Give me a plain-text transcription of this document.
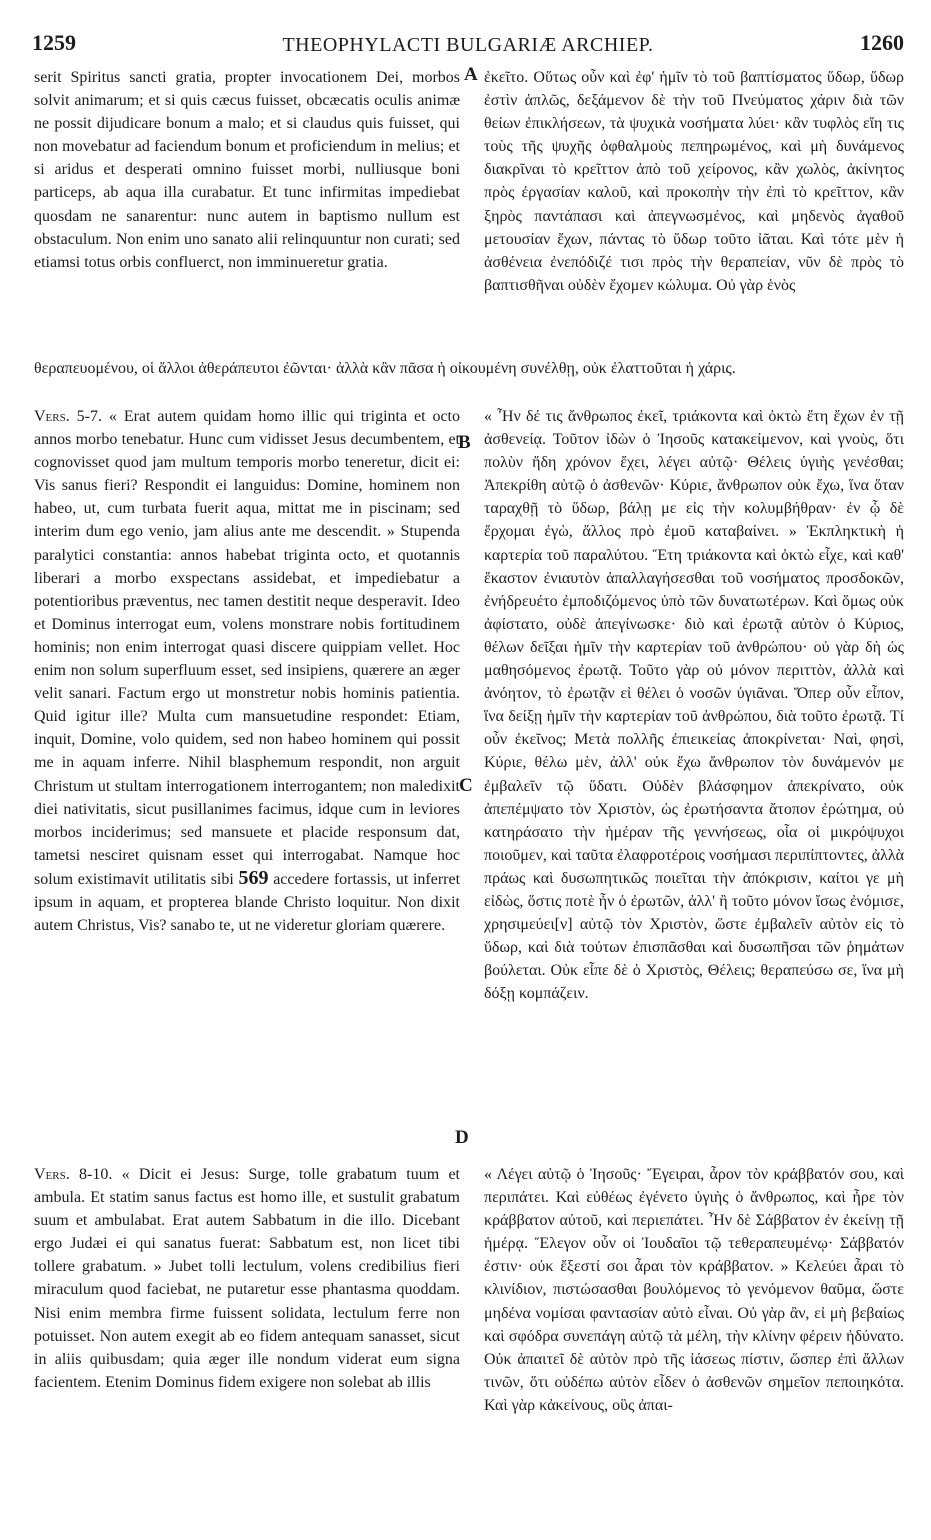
1259	THEOPHYLACTI BULGARIÆ ARCHIEP.	1260
A
B
C
D
serit Spiritus sancti gratia, propter invocationem Dei, morbos solvit animarum; et si quis cæcus fuisset, obcæcatis oculis animæ ne possit dijudicare bonum a malo; et si claudus quis fuisset, qui non movebatur ad faciendum bonum et proficiendum in melius; et si aridus et desperati omnino fuisset morbi, nulliusque boni particeps, ab aqua illa curabatur. Et tunc infirmitas impediebat quosdam ne sanarentur: nunc autem in baptismo nullum est obstaculum. Non enim uno sanato alii relinquuntur non curati; sed etiamsi totus orbis confluerct, non imminueretur gratia.
ἐκεῖτο. Οὕτως οὖν καὶ ἐφ' ἡμῖν τὸ τοῦ βαπτίσματος ὕδωρ, ὕδωρ ἐστὶν ἁπλῶς, δεξάμενον δὲ τὴν τοῦ Πνεύματος χάριν διὰ τῶν θείων ἐπικλήσεων, τὰ ψυχικὰ νοσήματα λύει· κἂν τυφλὸς εἴη τις τοὺς τῆς ψυχῆς ὀφθαλμοὺς πεπηρωμένος, καὶ μὴ δυνάμενος διακρῖναι τὸ κρεῖττον ἀπὸ τοῦ χείρονος, κἂν χωλὸς, ἀκίνητος πρὸς ἐργασίαν καλοῦ, καὶ προκοπὴν τὴν ἐπὶ τὸ κρεῖττον, κἂν ξηρὸς παντάπασι καὶ ἀπεγνωσμένος, καὶ μηδενὸς ἀγαθοῦ μετουσίαν ἔχων, πάντας τὸ ὕδωρ τοῦτο ἰᾶται. Καὶ τότε μὲν ἡ ἀσθένεια ἐνεπόδιζέ τισι πρὸς τὴν θεραπείαν, νῦν δὲ πρὸς τὸ βαπτισθῆναι οὐδὲν ἔχομεν κώλυμα. Οὐ γὰρ ἑνὸς
θεραπευομένου, οἱ ἄλλοι ἀθεράπευτοι ἐῶνται· ἀλλὰ κἂν πᾶσα ἡ οἰκουμένη συνέλθῃ, οὐκ ἐλαττοῦται ἡ χάρις.

Vers. 5-7. « Erat autem quidam homo illic qui triginta et octo annos morbo tenebatur. Hunc cum vidisset Jesus decumbentem, et cognovisset quod jam multum temporis morbo teneretur, dicit ei: Vis sanus fieri? Respondit ei languidus: Domine, hominem non habeo, ut, cum turbata fuerit aqua, mittat me in piscinam; sed interim dum ego venio, jam alius ante me descendit. » Stupenda paralytici constantia: annos habebat triginta octo, et quotannis liberari a morbo exspectans assidebat, et impediebatur a potentioribus præventus, nec tamen destitit neque desperavit. Ideo et Dominus interrogat eum, volens monstrare nobis fortitudinem hominis; non enim interrogat quasi discere quippiam vellet. Hoc enim non solum superfluum esset, sed insipiens, quærere an æger velit sanari. Factum ergo ut monstretur nobis hominis patientia. Quid igitur ille? Multa cum mansuetudine respondet: Etiam, inquit, Domine, volo quidem, sed non habeo hominem qui possit me in aquam inferre. Nihil blasphemum respondit, non arguit Christum ut stultam interrogationem interrogantem; non maledixit diei nativitatis, sicut pusillanimes facimus, idque cum in leviores morbos inciderimus; sed mansuete et placide responsum dat, tametsi nesciret quisnam esset qui interrogabat. Namque hoc solum existimavit utilitatis sibi 569 accedere fortassis, ut inferret ipsum in aquam, et propterea blande Christo loquitur. Non dixit autem Christus, Vis? sanabo te, ut ne videretur gloriam quærere.

« Ἦν δέ τις ἄνθρωπος ἐκεῖ, τριάκοντα καὶ ὀκτὼ ἔτη ἔχων ἐν τῇ ἀσθενείᾳ. Τοῦτον ἰδὼν ὁ Ἰησοῦς κατακείμενον, καὶ γνοὺς, ὅτι πολὺν ἤδη χρόνον ἔχει, λέγει αὐτῷ· Θέλεις ὑγιὴς γενέσθαι; Ἀπεκρίθη αὐτῷ ὁ ἀσθενῶν· Κύριε, ἄνθρωπον οὐκ ἔχω, ἵνα ὅταν ταραχθῇ τὸ ὕδωρ, βάλῃ με εἰς τὴν κολυμβήθραν· ἐν ᾧ δὲ ἔρχομαι ἐγὼ, ἄλλος πρὸ ἐμοῦ καταβαίνει. » Ἐκπληκτικὴ ἡ καρτερία τοῦ παραλύτου. Ἔτη τριάκοντα καὶ ὀκτὼ εἶχε, καὶ καθ' ἕκαστον ἐνιαυτὸν ἀπαλλαγήσεσθαι τοῦ νοσήματος προσδοκῶν, ἐνήδρευέτο ἐμποδιζόμενος ὑπὸ τῶν δυνατωτέρων. Καὶ ὅμως οὐκ ἀφίστατο, οὐδὲ ἀπεγίνωσκε· διὸ καὶ ἐρωτᾷ αὐτὸν ὁ Κύριος, θέλων δεῖξαι ἡμῖν τὴν καρτερίαν τοῦ ἀνθρώπου· οὐ γὰρ δὴ ὡς μαθησόμενος ἐρωτᾷ. Τοῦτο γὰρ οὐ μόνον περιττὸν, ἀλλὰ καὶ ἀνόητον, τὸ ἐρωτᾷν εἰ θέλει ὁ νοσῶν ὑγιᾶναι. Ὅπερ οὖν εἶπον, ἵνα δείξῃ ἡμῖν τὴν καρτερίαν τοῦ ἀνθρώπου, διὰ τοῦτο ἐρωτᾷ. Τί οὖν ἐκεῖνος; Μετὰ πολλῆς ἐπιεικείας ἀποκρίνεται· Ναὶ, φησὶ, Κύριε, θέλω μὲν, ἀλλ' οὐκ ἔχω ἄνθρωπον τὸν δυνάμενόν με ἐμβαλεῖν τῷ ὕδατι. Οὐδὲν βλάσφημον ἀπεκρίνατο, οὐκ ἀπεπέμψατο τὸν Χριστὸν, ὡς ἐρωτήσαντα ἄτοπον ἐρώτημα, οὐ κατηράσατο τὴν ἡμέραν τῆς γεννήσεως, οἷα οἱ μικρόψυχοι ποιοῦμεν, καὶ ταῦτα ἐλαφροτέροις νοσήμασι περιπίπτοντες, ἀλλὰ πράως καὶ δυσωπητικῶς ποιεῖται τὴν ἀπόκρισιν, καίτοι γε μὴ εἰδὼς, ὅστις ποτὲ ἦν ὁ ἐρωτῶν, ἀλλ' ἢ τοῦτο μόνον ἴσως ἐνόμισε, χρησιμεύει[ν] αὐτῷ τὸν Χριστὸν, ὥστε ἐμβαλεῖν αὐτὸν εἰς τὸ ὕδωρ, καὶ διὰ τούτων ἐπισπᾶσθαι καὶ δυσωπῆσαι τῶν ῥημάτων βούλεται. Οὐκ εἶπε δὲ ὁ Χριστὸς, Θέλεις; θεραπεύσω σε, ἵνα μὴ δόξῃ κομπάζειν.

Vers. 8-10. « Dicit ei Jesus: Surge, tolle grabatum tuum et ambula. Et statim sanus factus est homo ille, et sustulit grabatum suum et ambulabat. Erat autem Sabbatum in die illo. Dicebant ergo Judæi ei qui sanatus fuerat: Sabbatum est, non licet tibi tollere grabatum. » Jubet tolli lectulum, volens credibilius fieri miraculum quod faciebat, ne putaretur esse phantasma quoddam. Nisi enim membra firme fuissent solidata, lectulum ferre non potuisset. Non autem exegit ab eo fidem antequam sanasset, sicut in aliis quibusdam; quia æger ille nondum viderat eum signa facientem. Etenim Dominus fidem exigere non solebat ab illis

« Λέγει αὐτῷ ὁ Ἰησοῦς· Ἔγειραι, ἆρον τὸν κράββατόν σου, καὶ περιπάτει. Καὶ εὐθέως ἐγένετο ὑγιὴς ὁ ἄνθρωπος, καὶ ἦρε τὸν κράββατον αὐτοῦ, καὶ περιεπάτει. Ἦν δὲ Σάββατον ἐν ἐκείνῃ τῇ ἡμέρᾳ. Ἔλεγον οὖν οἱ Ἰουδαῖοι τῷ τεθεραπευμένῳ· Σάββατόν ἐστιν· οὐκ ἔξεστί σοι ἆραι τὸν κράββατον. » Κελεύει ἆραι τὸ κλινίδιον, πιστώσασθαι βουλόμενος τὸ γενόμενον θαῦμα, ὥστε μηδένα νομίσαι φαντασίαν αὐτὸ εἶναι. Οὐ γὰρ ἂν, εἰ μὴ βεβαίως καὶ σφόδρα συνεπάγη αὐτῷ τὰ μέλη, τὴν κλίνην φέρειν ἠδύνατο. Οὐκ ἀπαιτεῖ δὲ αὐτὸν πρὸ τῆς ἰάσεως πίστιν, ὥσπερ ἐπὶ ἄλλων τινῶν, ὅτι οὐδέπω αὐτὸν εἶδεν ὁ ἀσθενῶν σημεῖον πεποιηκότα. Καὶ γὰρ κἀκείνους, οὓς ἀπαι-
